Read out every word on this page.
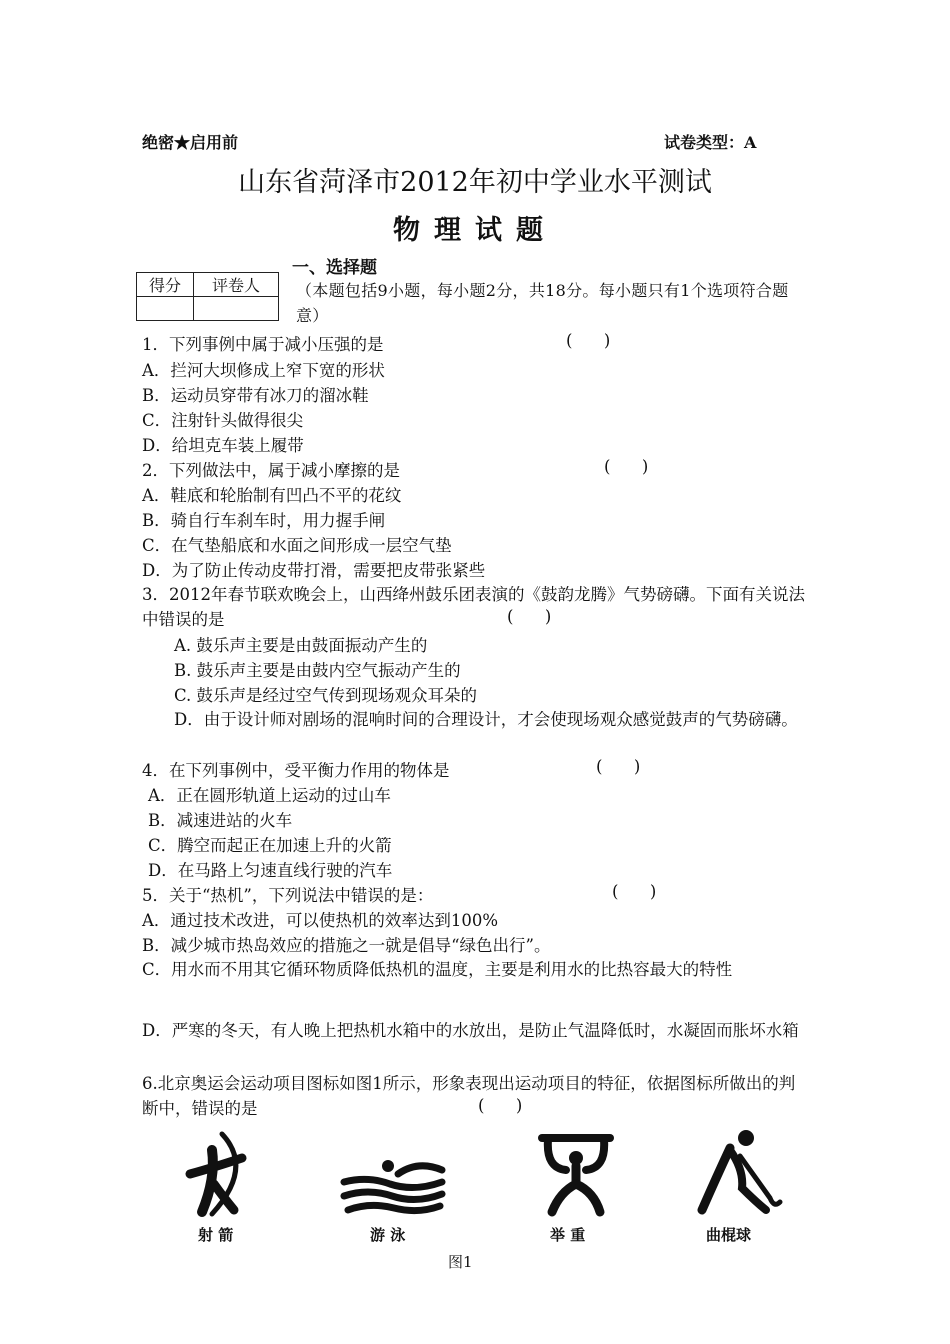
绝密★启用前	试卷类型：A
山东省菏泽市2012年初中学业水平测试
物理试题
得分	评卷人

一、选择题
（本题包括9小题，每小题2分，共18分。每小题只有1个选项符合题意）
1．下列事例中属于减小压强的是	(      )
A．拦河大坝修成上窄下宽的形状
B．运动员穿带有冰刀的溜冰鞋
C．注射针头做得很尖
D．给坦克车装上履带
2．下列做法中，属于减小摩擦的是	(      )
A．鞋底和轮胎制有凹凸不平的花纹
B．骑自行车刹车时，用力握手闸
C．在气垫船底和水面之间形成一层空气垫
D．为了防止传动皮带打滑，需要把皮带张紧些
3．2012年春节联欢晚会上，山西绛州鼓乐团表演的《鼓韵龙腾》气势磅礴。下面有关说法中错误的是	(      )
A. 鼓乐声主要是由鼓面振动产生的
B. 鼓乐声主要是由鼓内空气振动产生的
C. 鼓乐声是经过空气传到现场观众耳朵的
D．由于设计师对剧场的混响时间的合理设计，才会使现场观众感觉鼓声的气势磅礴。
4．在下列事例中，受平衡力作用的物体是	(      )
A．正在圆形轨道上运动的过山车
B．减速进站的火车
C．腾空而起正在加速上升的火箭
D．在马路上匀速直线行驶的汽车
5．关于“热机”，下列说法中错误的是：	(      )
A．通过技术改进，可以使热机的效率达到100%
B．减少城市热岛效应的措施之一就是倡导“绿色出行”。
C．用水而不用其它循环物质降低热机的温度，主要是利用水的比热容最大的特性
D．严寒的冬天，有人晚上把热机水箱中的水放出，是防止气温降低时，水凝固而胀坏水箱
6.北京奥运会运动项目图标如图1所示，形象表现出运动项目的特征，依据图标所做出的判断中，错误的是	(      )
射 箭	游 泳	举 重	曲棍球
图1
